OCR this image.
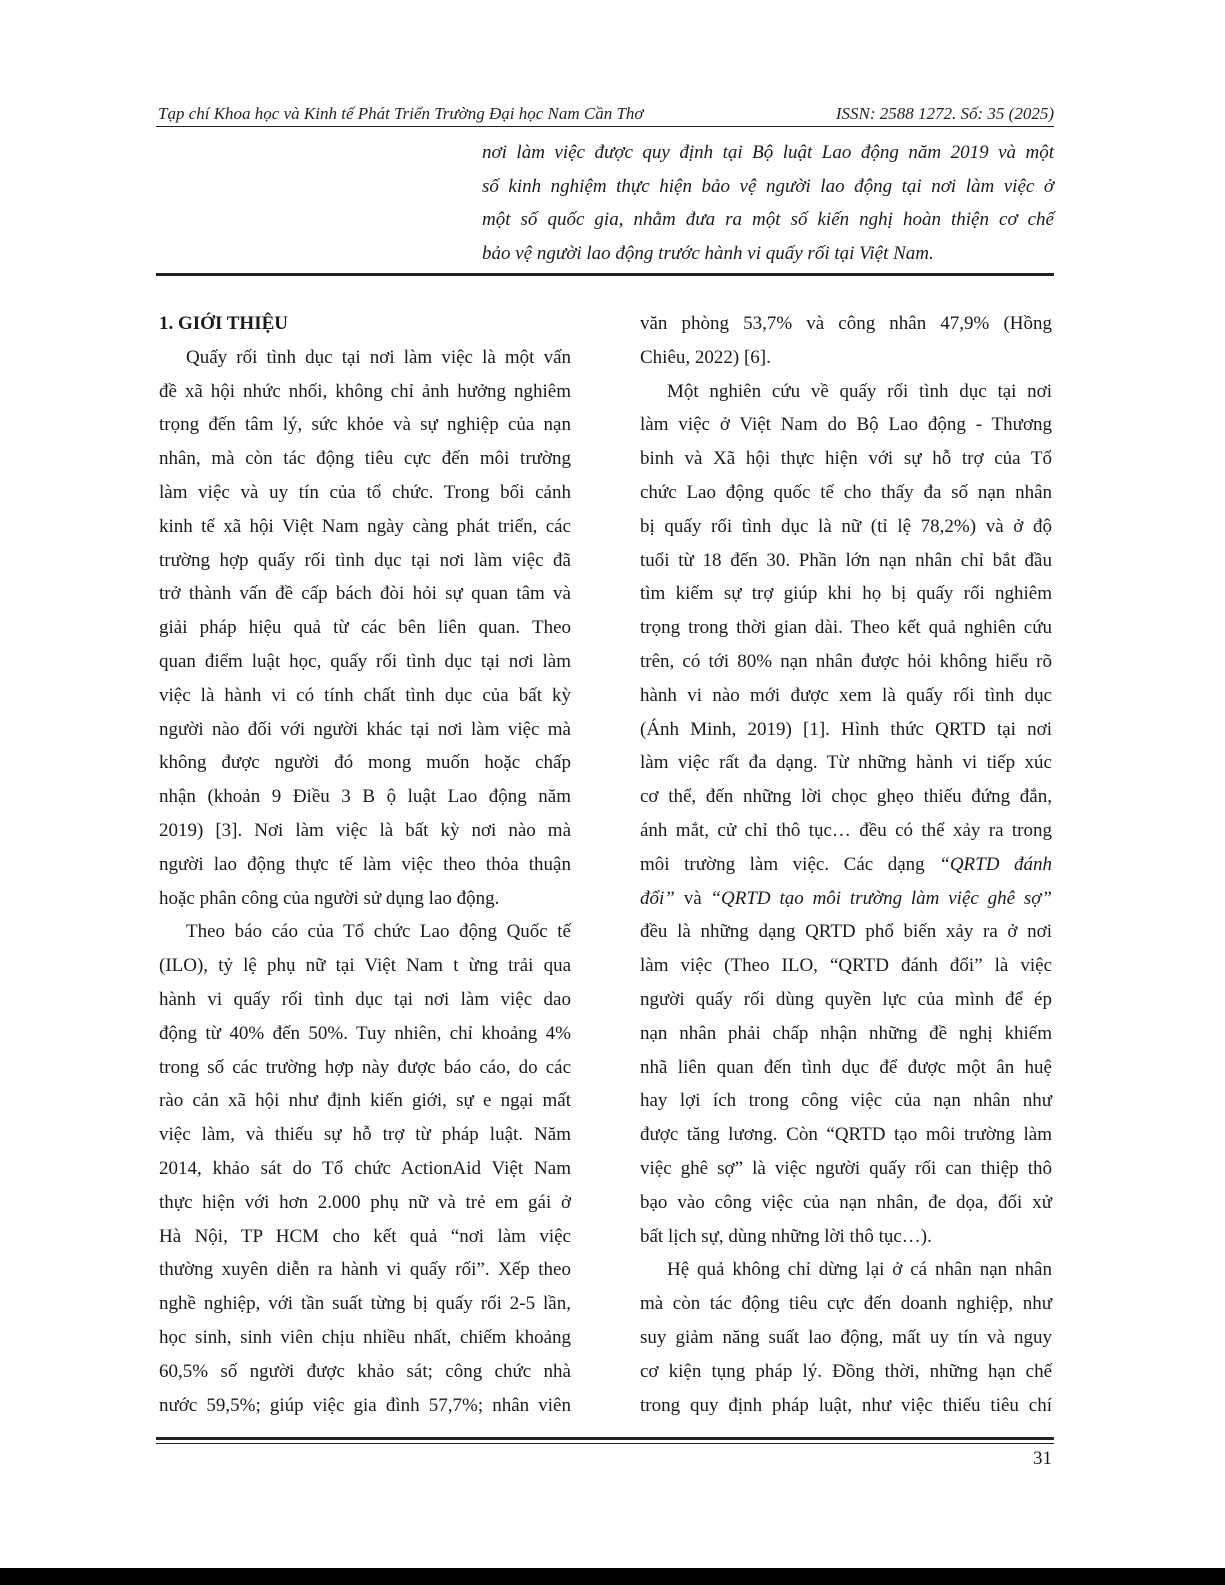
Tạp chí Khoa học và Kinh tế Phát Triển Trường Đại học Nam Cần Thơ	ISSN: 2588 1272. Số: 35 (2025)
nơi làm việc được quy định tại Bộ luật Lao động năm 2019 và một
số kinh nghiệm thực hiện bảo vệ người lao động tại nơi làm việc ở
một số quốc gia, nhằm đưa ra một số kiến nghị hoàn thiện cơ chế
bảo vệ người lao động trước hành vi quấy rối tại Việt Nam.
1. GIỚI THIỆU
Quấy rối tình dục tại nơi làm việc là một vấn
đề xã hội nhức nhối, không chỉ ảnh hưởng nghiêm
trọng đến tâm lý, sức khỏe và sự nghiệp của nạn
nhân, mà còn tác động tiêu cực đến môi trường
làm việc và uy tín của tổ chức. Trong bối cảnh
kinh tế xã hội Việt Nam ngày càng phát triển, các
trường hợp quấy rối tình dục tại nơi làm việc đã
trở thành vấn đề cấp bách đòi hỏi sự quan tâm và
giải pháp hiệu quả từ các bên liên quan. Theo
quan điểm luật học, quấy rối tình dục tại nơi làm
việc là hành vi có tính chất tình dục của bất kỳ
người nào đối với người khác tại nơi làm việc mà
không được người đó mong muốn hoặc chấp
nhận (khoản 9 Điều 3 B ộ luật Lao động năm
2019) [3]. Nơi làm việc là bất kỳ nơi nào mà
người lao động thực tế làm việc theo thỏa thuận
hoặc phân công của người sử dụng lao động.
Theo báo cáo của Tổ chức Lao động Quốc tế
(ILO), tỷ lệ phụ nữ tại Việt Nam t ừng trải qua
hành vi quấy rối tình dục tại nơi làm việc dao
động từ 40% đến 50%. Tuy nhiên, chỉ khoảng 4%
trong số các trường hợp này được báo cáo, do các
rào cản xã hội như định kiến giới, sự e ngại mất
việc làm, và thiếu sự hỗ trợ từ pháp luật. Năm
2014, khảo sát do Tổ chức ActionAid Việt Nam
thực hiện với hơn 2.000 phụ nữ và trẻ em gái ở
Hà Nội, TP HCM cho kết quả “nơi làm việc
thường xuyên diễn ra hành vi quấy rối”. Xếp theo
nghề nghiệp, với tần suất từng bị quấy rối 2-5 lần,
học sinh, sinh viên chịu nhiều nhất, chiếm khoảng
60,5% số người được khảo sát; công chức nhà
nước 59,5%; giúp việc gia đình 57,7%; nhân viên
văn phòng 53,7% và công nhân 47,9% (Hồng
Chiêu, 2022) [6].
Một nghiên cứu về quấy rối tình dục tại nơi
làm việc ở Việt Nam do Bộ Lao động - Thương
binh và Xã hội thực hiện với sự hỗ trợ của Tổ
chức Lao động quốc tế cho thấy đa số nạn nhân
bị quấy rối tình dục là nữ (tỉ lệ 78,2%) và ở độ
tuổi từ 18 đến 30. Phần lớn nạn nhân chỉ bắt đầu
tìm kiếm sự trợ giúp khi họ bị quấy rối nghiêm
trọng trong thời gian dài. Theo kết quả nghiên cứu
trên, có tới 80% nạn nhân được hỏi không hiểu rõ
hành vi nào mới được xem là quấy rối tình dục
(Ánh Minh, 2019) [1]. Hình thức QRTD tại nơi
làm việc rất đa dạng. Từ những hành vi tiếp xúc
cơ thể, đến những lời chọc ghẹo thiếu đứng đắn,
ánh mắt, cử chỉ thô tục… đều có thể xảy ra trong
môi trường làm việc. Các dạng “QRTD đánh
đổi” và “QRTD tạo môi trường làm việc ghê sợ”
đều là những dạng QRTD phổ biến xảy ra ở nơi
làm việc (Theo ILO, “QRTD đánh đổi” là việc
người quấy rối dùng quyền lực của mình để ép
nạn nhân phải chấp nhận những đề nghị khiếm
nhã liên quan đến tình dục để được một ân huệ
hay lợi ích trong công việc của nạn nhân như
được tăng lương. Còn “QRTD tạo môi trường làm
việc ghê sợ” là việc người quấy rối can thiệp thô
bạo vào công việc của nạn nhân, đe dọa, đối xử
bất lịch sự, dùng những lời thô tục…).
Hệ quả không chỉ dừng lại ở cá nhân nạn nhân
mà còn tác động tiêu cực đến doanh nghiệp, như
suy giảm năng suất lao động, mất uy tín và nguy
cơ kiện tụng pháp lý. Đồng thời, những hạn chế
trong quy định pháp luật, như việc thiếu tiêu chí
31
